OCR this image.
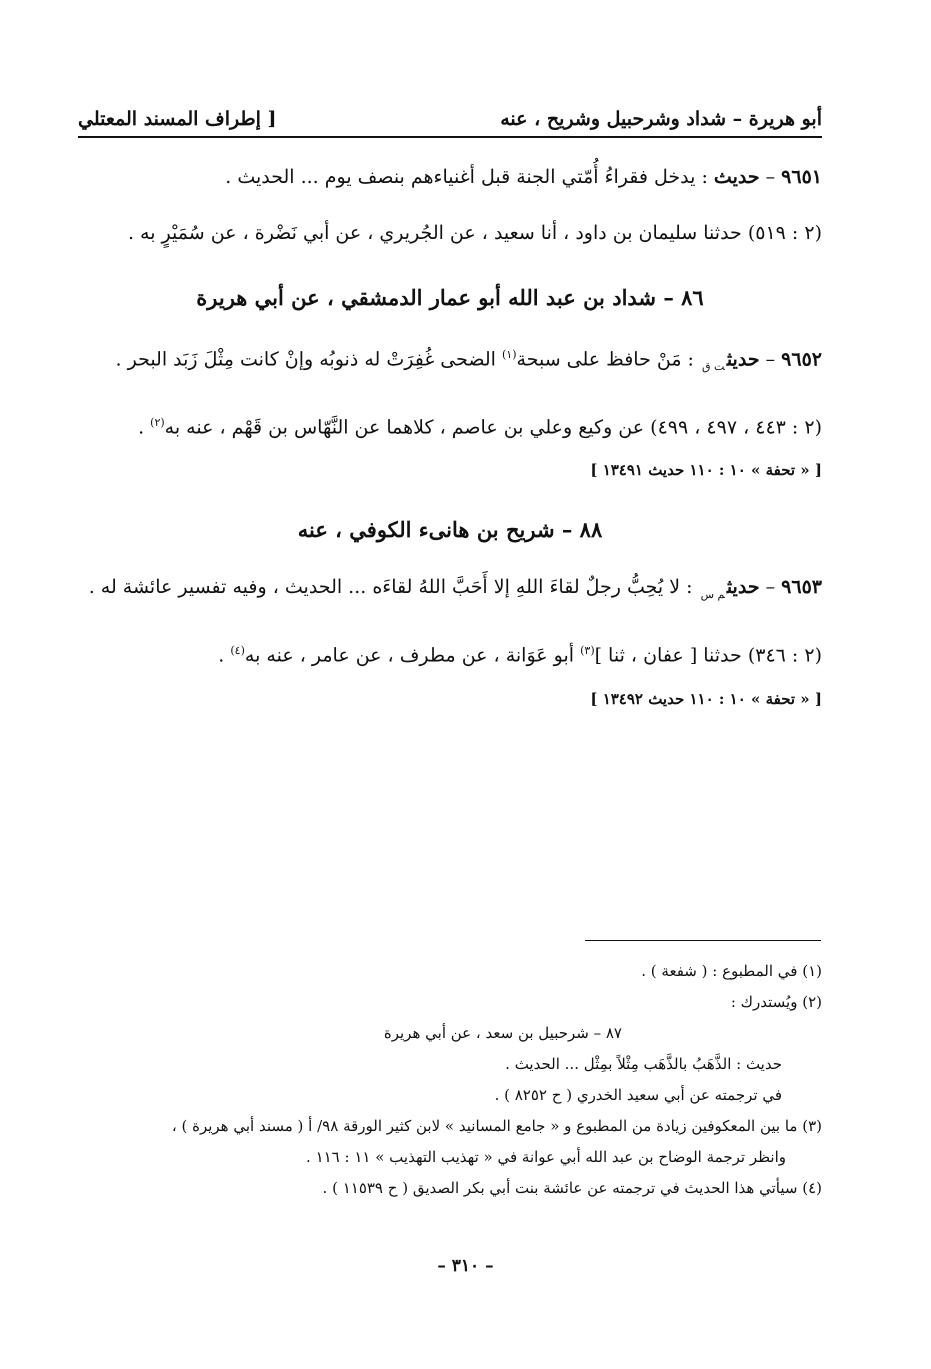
أبو هريرة – شداد وشرحبيل وشريح ، عنه
[ إطراف المسند المعتلي
٩٦٥١ – حديث : يدخل فقراءُ أُمّتي الجنة قبل أغنياءهم بنصف يوم ... الحديث .
(٢ : ٥١٩) حدثنا سليمان بن داود ، أنا سعيد ، عن الجُريري ، عن أبي نَضْرة ، عن سُمَيْرٍ به .
٨٦ – شداد بن عبد الله أبو عمار الدمشقي ، عن أبي هريرة
٩٦٥٢ – حديث$_{ت ق}$ : مَنْ حافظ على سبحة$^{(١)}$ الضحى غُفِرَتْ له ذنوبُه وإنْ كانت مِثْلَ زَبَد البحر .
(٢ : ٤٤٣ ، ٤٩٧ ، ٤٩٩) عن وكيع وعلي بن عاصم ، كلاهما عن النَّهّاس بن قَهْم ، عنه به$^{(٢)}$ .
[ « تحفة » ١٠ : ١١٠ حديث ١٣٤٩١ ]
٨٨ – شريح بن هانىء الكوفي ، عنه
٩٦٥٣ – حديث$_{م س}$ : لا يُحِبُّ رجلٌ لقاءَ اللهِ إلا أَحَبَّ اللهُ لقاءَه ... الحديث ، وفيه تفسير عائشة له .
(٢ : ٣٤٦) حدثنا [ عفان ، ثنا ]$^{(٣)}$ أبو عَوَانة ، عن مطرف ، عن عامر ، عنه به$^{(٤)}$ .
[ « تحفة » ١٠ : ١١٠ حديث ١٣٤٩٢ ]
(١) في المطبوع : ( شفعة ) .
(٢) ويُستدرك :
٨٧ – شرحبيل بن سعد ، عن أبي هريرة
حديث : الذَّهَبُ بالذَّهَب مِثْلاً بمِثْل ... الحديث .
في ترجمته عن أبي سعيد الخدري ( ح ٨٢٥٢ ) .
(٣) ما بين المعكوفين زيادة من المطبوع و « جامع المسانيد » لابن كثير الورقة ٩٨/ أ ( مسند أبي هريرة ) ،
وانظر ترجمة الوضاح بن عبد الله أبي عوانة في « تهذيب التهذيب » ١١ : ١١٦ .
(٤) سيأتي هذا الحديث في ترجمته عن عائشة بنت أبي بكر الصديق ( ح ١١٥٣٩ ) .
– ٣١٠ –
